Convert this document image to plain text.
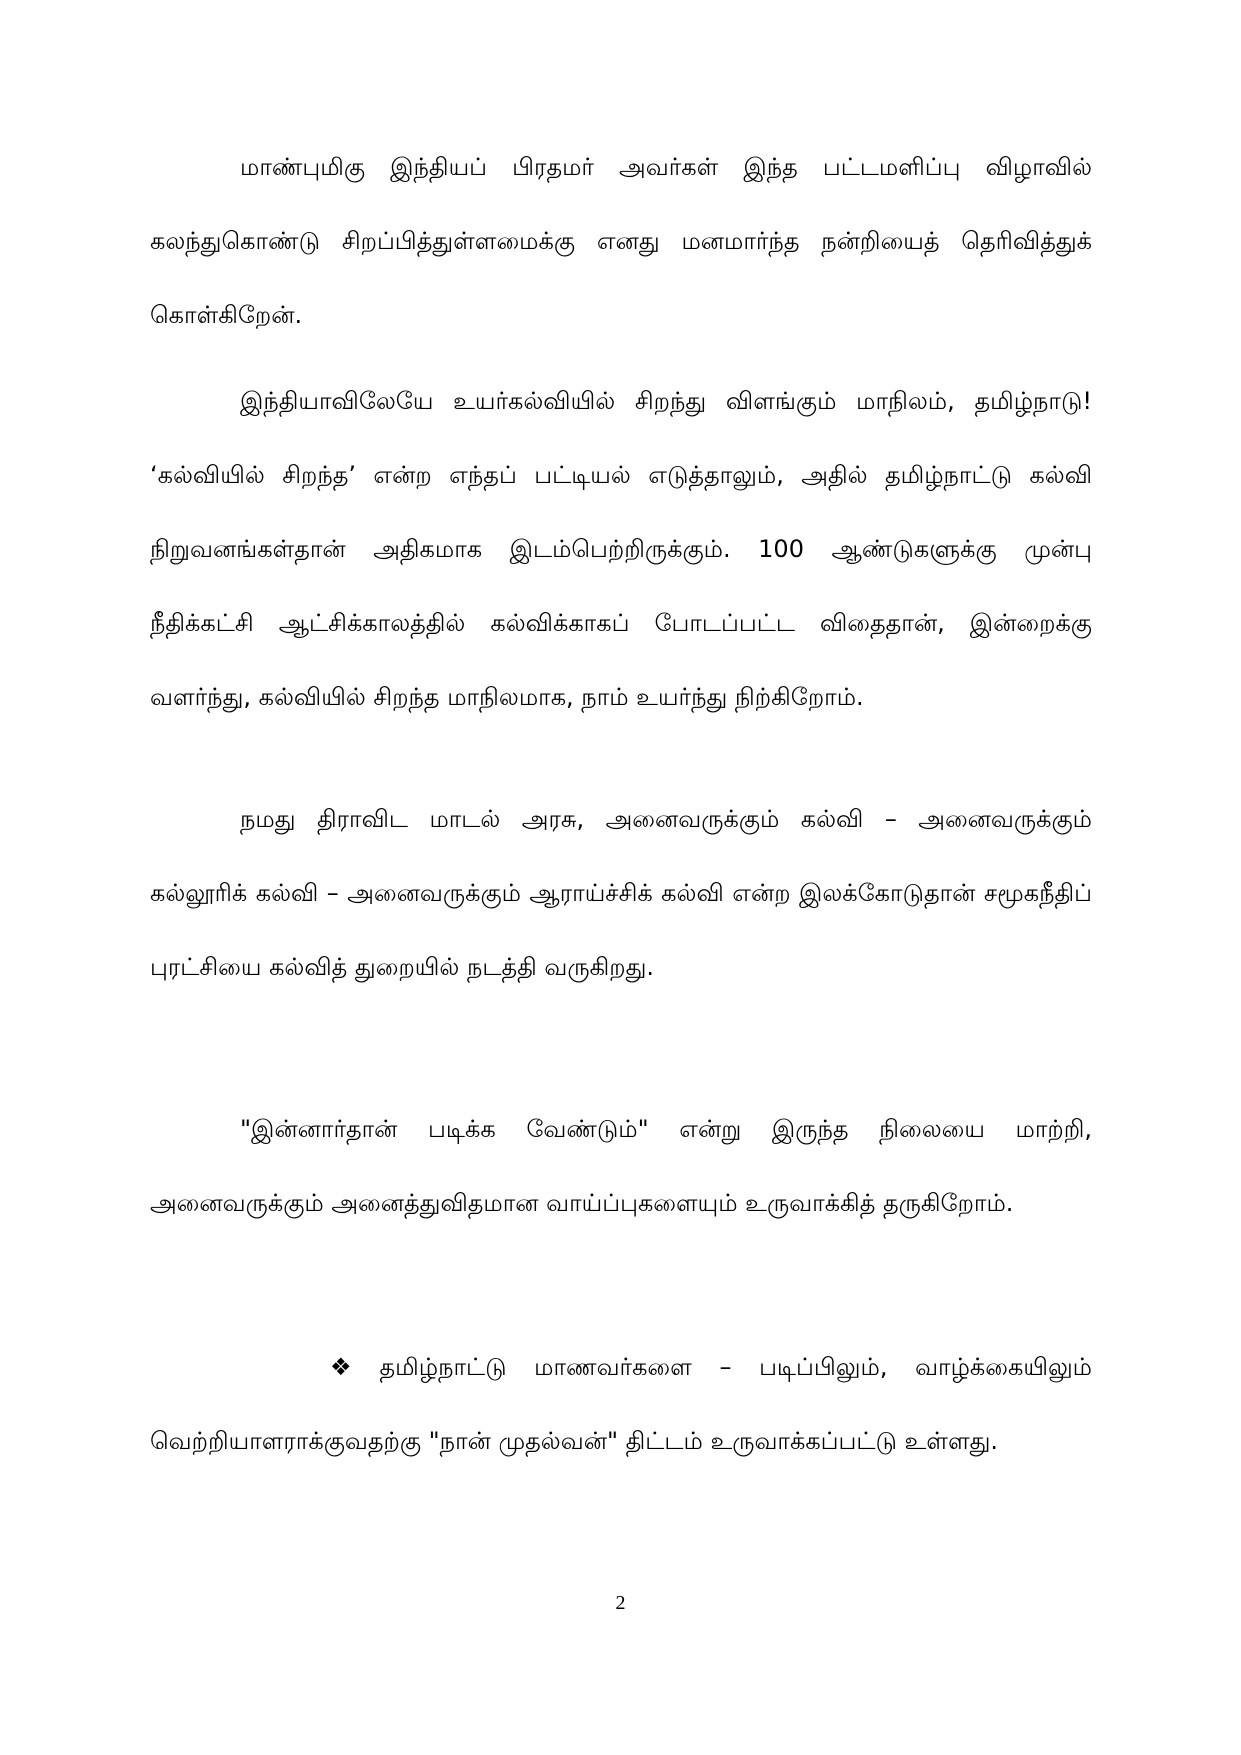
மாண்புமிகு இந்தியப் பிரதமர் அவர்கள் இந்த பட்டமளிப்பு விழாவில் கலந்துகொண்டு சிறப்பித்துள்ளமைக்கு எனது மனமார்ந்த நன்றியைத் தெரிவித்துக் கொள்கிறேன்.

இந்தியாவிலேயே உயர்கல்வியில் சிறந்து விளங்கும் மாநிலம், தமிழ்நாடு! ‘கல்வியில் சிறந்த’ என்ற எந்தப் பட்டியல் எடுத்தாலும், அதில் தமிழ்நாட்டு கல்வி நிறுவனங்கள்தான் அதிகமாக இடம்பெற்றிருக்கும். 100 ஆண்டுகளுக்கு முன்பு நீதிக்கட்சி ஆட்சிக்காலத்தில் கல்விக்காகப் போடப்பட்ட விதைதான், இன்றைக்கு வளர்ந்து, கல்வியில் சிறந்த மாநிலமாக, நாம் உயர்ந்து நிற்கிறோம்.

நமது திராவிட மாடல் அரசு, அனைவருக்கும் கல்வி – அனைவருக்கும் கல்லூரிக் கல்வி – அனைவருக்கும் ஆராய்ச்சிக் கல்வி என்ற இலக்கோடுதான் சமூகநீதிப் புரட்சியை கல்வித் துறையில் நடத்தி வருகிறது.

"இன்னார்தான் படிக்க வேண்டும்" என்று இருந்த நிலையை மாற்றி, அனைவருக்கும் அனைத்துவிதமான வாய்ப்புகளையும் உருவாக்கித் தருகிறோம்.

❖ தமிழ்நாட்டு மாணவர்களை – படிப்பிலும், வாழ்க்கையிலும் வெற்றியாளராக்குவதற்கு "நான் முதல்வன்" திட்டம் உருவாக்கப்பட்டு உள்ளது.

2
